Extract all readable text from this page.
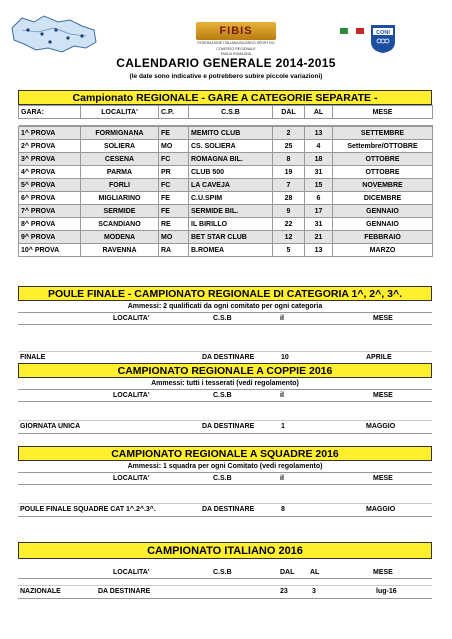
FIBIS
FEDERAZIONE ITALIANA BILIARDO SPORTIVO
COMITATO REGIONALE
EMILIA ROMAGNA
CONI
CALENDARIO GENERALE 2014-2015
(le date sono indicative e potrebbero subire piccole variazioni)
Campionato REGIONALE - GARE A CATEGORIE SEPARATE -
GARA:	LOCALITA'	C.P.	C.S.B	DAL	AL	MESE

1^ PROVA	FORMIGNANA	FE	MEMITO CLUB	2	13	SETTEMBRE
2^ PROVA	SOLIERA	MO	CS. SOLIERA	25	4	Settembre/OTTOBRE
3^ PROVA	CESENA	FC	ROMAGNA BIL.	8	18	OTTOBRE
4^ PROVA	PARMA	PR	CLUB 500	19	31	OTTOBRE
5^ PROVA	FORLI	FC	LA CAVEJA	7	15	NOVEMBRE
6^ PROVA	MIGLIARINO	FE	C.U.SPIM	28	6	DICEMBRE
7^ PROVA	SERMIDE	FE	SERMIDE BIL.	9	17	GENNAIO
8^ PROVA	SCANDIANO	RE	IL BIRILLO	22	31	GENNAIO
9^ PROVA	MODENA	MO	BET STAR CLUB	12	21	FEBBRAIO
10^ PROVA	RAVENNA	RA	B.ROMEA	5	13	MARZO
POULE FINALE - CAMPIONATO REGIONALE DI CATEGORIA 1^, 2^, 3^.
Ammessi: 2 qualificati da ogni comitato per ogni categoria
LOCALITA'	C.S.B	il	MESE
FINALE	DA DESTINARE	10	APRILE
CAMPIONATO REGIONALE A COPPIE 2016
Ammessi: tutti i tesserati (vedi regolamento)
LOCALITA'	C.S.B	il	MESE
GIORNATA UNICA	DA DESTINARE	1	MAGGIO
CAMPIONATO REGIONALE A SQUADRE 2016
Ammessi: 1 squadra per ogni Comitato (vedi regolamento)
LOCALITA'	C.S.B	il	MESE
POULE FINALE SQUADRE CAT 1^.2^.3^.	DA DESTINARE	8	MAGGIO
CAMPIONATO ITALIANO 2016
LOCALITA'	C.S.B	DAL AL	MESE
NAZIONALE	DA DESTINARE	23	3	lug-16
